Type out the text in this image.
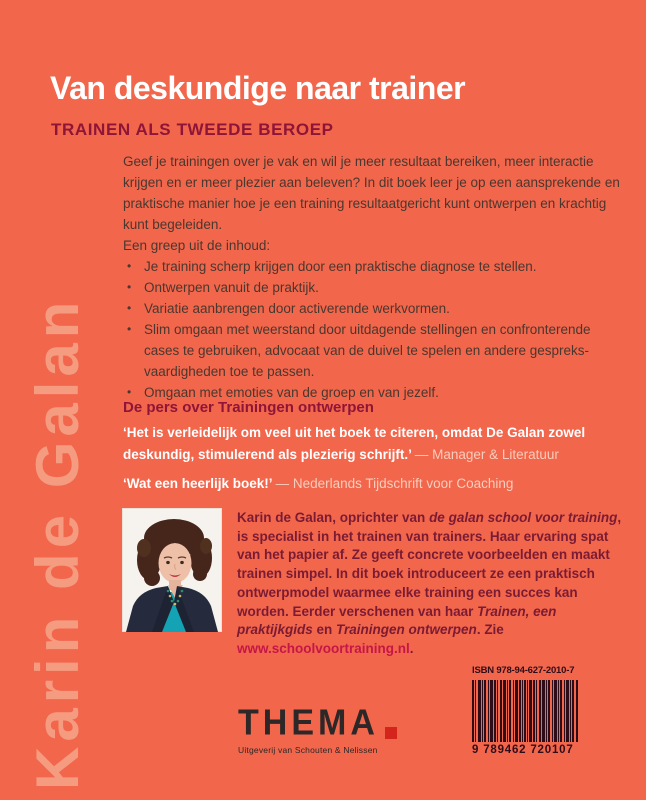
Karin de Galan
Van deskundige naar trainer
TRAINEN ALS TWEEDE BEROEP

Geef je trainingen over je vak en wil je meer resultaat bereiken, meer interactie krijgen en er meer plezier aan beleven? In dit boek leer je op een aansprekende en praktische manier hoe je een training resultaatgericht kunt ontwerpen en krachtig kunt begeleiden.

Een greep uit de inhoud:

• Je training scherp krijgen door een praktische diagnose te stellen.
• Ontwerpen vanuit de praktijk.
• Variatie aanbrengen door activerende werkvormen.
• Slim omgaan met weerstand door uitdagende stellingen en confronterende cases te gebruiken, advocaat van de duivel te spelen en andere gespreks-vaardigheden toe te passen.
• Omgaan met emoties van de groep en van jezelf.
De pers over Trainingen ontwerpen

‘Het is verleidelijk om veel uit het boek te citeren, omdat De Galan zowel deskundig, stimulerend als plezierig schrijft.’ — Manager & Literatuur

‘Wat een heerlijk boek!’ — Nederlands Tijdschrift voor Coaching

Karin de Galan, oprichter van de galan school voor training, is specialist in het trainen van trainers. Haar ervaring spat van het papier af. Ze geeft concrete voorbeelden en maakt trainen simpel. In dit boek introduceert ze een praktisch ontwerpmodel waarmee elke training een succes kan worden. Eerder verschenen van haar Trainen, een praktijkgids en Trainingen ontwerpen. Zie www.schoolvoortraining.nl.

THEMA
Uitgeverij van Schouten & Nelissen
ISBN 978-94-627-2010-7
9 789462 720107
